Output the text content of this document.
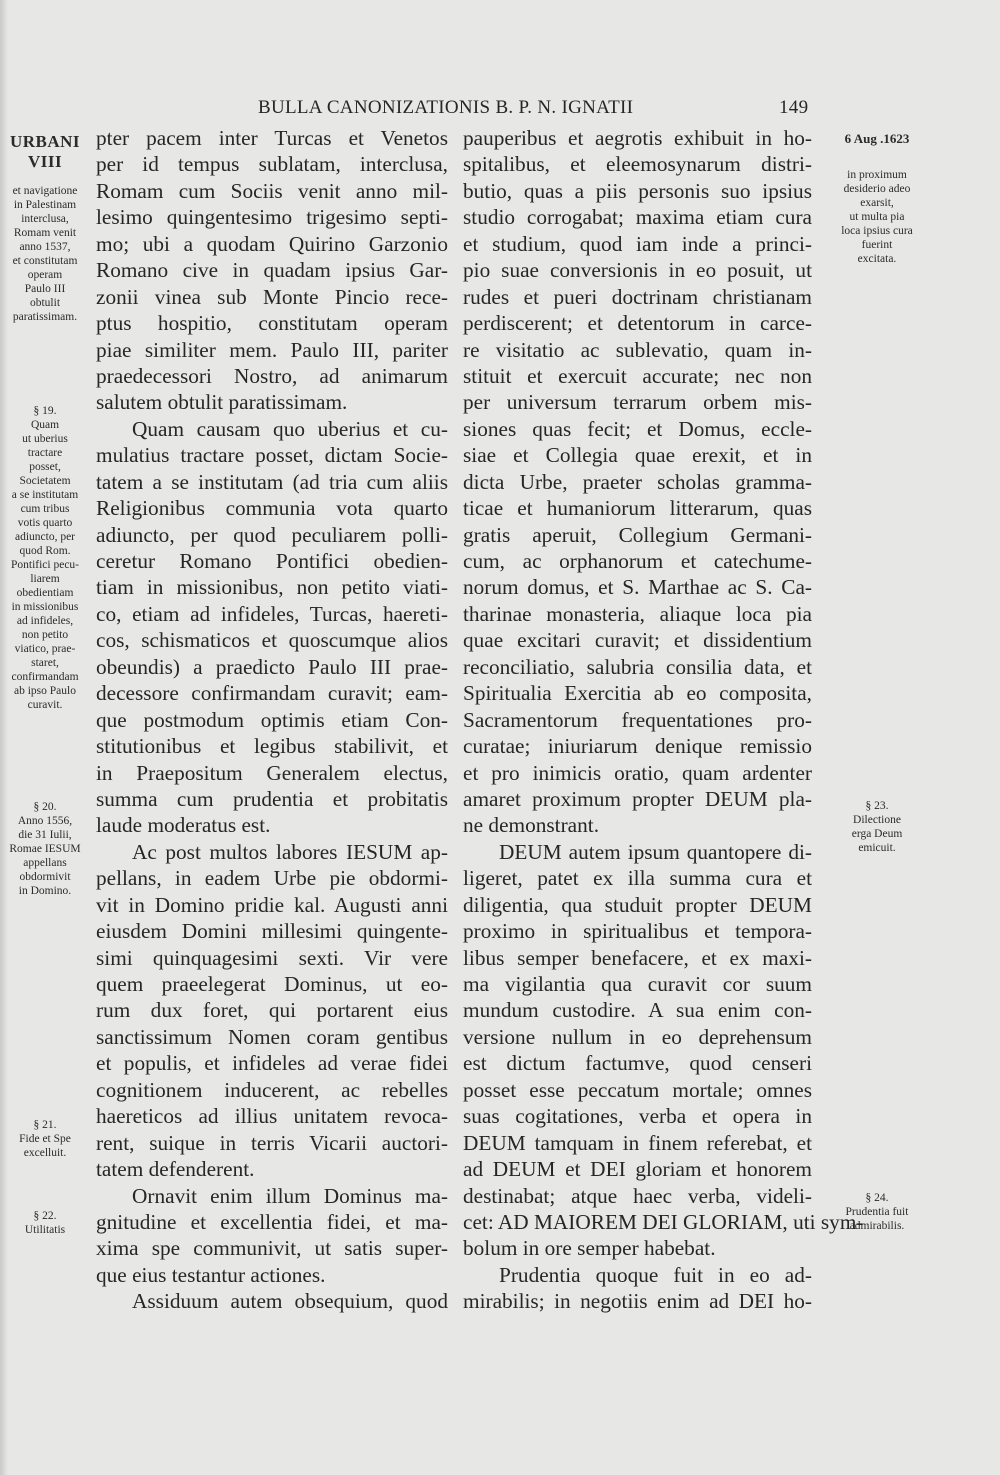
BULLA CANONIZATIONIS B. P. N. IGNATII	149
URBANI
VIII
et navigatione
in Palestinam
interclusa,
Romam venit
anno 1537,
et constitutam
operam
Paulo III
obtulit
paratissimam.
§ 19.
Quam
ut uberius
tractare
posset,
Societatem
a se institutam
cum tribus
votis quarto
adiuncto, per
quod Rom.
Pontifici pecu-
liarem
obedientiam
in missionibus
ad infideles,
non petito
viatico, prae-
staret,
confirmandam
ab ipso Paulo
curavit.
§ 20.
Anno 1556,
die 31 Iulii,
Romae IESUM
appellans
obdormivit
in Domino.
§ 21.
Fide et Spe
excelluit.
§ 22.
Utilitatis
6 Aug .1623
in proximum
desiderio adeo
exarsit,
ut multa pia
loca ipsius cura
fuerint
excitata.
§ 23.
Dilectione
erga Deum
emicuit.
§ 24.
Prudentia fuit
admirabilis.
pter pacem inter Turcas et Venetos
per id tempus sublatam, interclusa,
Romam cum Sociis venit anno mil-
lesimo quingentesimo trigesimo septi-
mo; ubi a quodam Quirino Garzonio
Romano cive in quadam ipsius Gar-
zonii vinea sub Monte Pincio rece-
ptus hospitio, constitutam operam
piae similiter mem. Paulo III, pariter
praedecessori Nostro, ad animarum
salutem obtulit paratissimam.
Quam causam quo uberius et cu-
mulatius tractare posset, dictam Socie-
tatem a se institutam (ad tria cum aliis
Religionibus communia vota quarto
adiuncto, per quod peculiarem polli-
ceretur Romano Pontifici obedien-
tiam in missionibus, non petito viati-
co, etiam ad infideles, Turcas, haereti-
cos, schismaticos et quoscumque alios
obeundis) a praedicto Paulo III prae-
decessore confirmandam curavit; eam-
que postmodum optimis etiam Con-
stitutionibus et legibus stabilivit, et
in Praepositum Generalem electus,
summa cum prudentia et probitatis
laude moderatus est.
Ac post multos labores IESUM ap-
pellans, in eadem Urbe pie obdormi-
vit in Domino pridie kal. Augusti anni
eiusdem Domini millesimi quingente-
simi quinquagesimi sexti. Vir vere
quem praeelegerat Dominus, ut eo-
rum dux foret, qui portarent eius
sanctissimum Nomen coram gentibus
et populis, et infideles ad verae fidei
cognitionem inducerent, ac rebelles
haereticos ad illius unitatem revoca-
rent, suique in terris Vicarii auctori-
tatem defenderent.
Ornavit enim illum Dominus ma-
gnitudine et excellentia fidei, et ma-
xima spe communivit, ut satis super-
que eius testantur actiones.
Assiduum autem obsequium, quod
pauperibus et aegrotis exhibuit in ho-
spitalibus, et eleemosynarum distri-
butio, quas a piis personis suo ipsius
studio corrogabat; maxima etiam cura
et studium, quod iam inde a princi-
pio suae conversionis in eo posuit, ut
rudes et pueri doctrinam christianam
perdiscerent; et detentorum in carce-
re visitatio ac sublevatio, quam in-
stituit et exercuit accurate; nec non
per universum terrarum orbem mis-
siones quas fecit; et Domus, eccle-
siae et Collegia quae erexit, et in
dicta Urbe, praeter scholas gramma-
ticae et humaniorum litterarum, quas
gratis aperuit, Collegium Germani-
cum, ac orphanorum et catechume-
norum domus, et S. Marthae ac S. Ca-
tharinae monasteria, aliaque loca pia
quae excitari curavit; et dissidentium
reconciliatio, salubria consilia data, et
Spiritualia Exercitia ab eo composita,
Sacramentorum frequentationes pro-
curatae; iniuriarum denique remissio
et pro inimicis oratio, quam ardenter
amaret proximum propter DEUM pla-
ne demonstrant.
DEUM autem ipsum quantopere di-
ligeret, patet ex illa summa cura et
diligentia, qua studuit propter DEUM
proximo in spiritualibus et tempora-
libus semper benefacere, et ex maxi-
ma vigilantia qua curavit cor suum
mundum custodire. A sua enim con-
versione nullum in eo deprehensum
est dictum factumve, quod censeri
posset esse peccatum mortale; omnes
suas cogitationes, verba et opera in
DEUM tamquam in finem referebat, et
ad DEUM et DEI gloriam et honorem
destinabat; atque haec verba, videli-
cet: AD MAIOREM DEI GLORIAM, uti sym-
bolum in ore semper habebat.
Prudentia quoque fuit in eo ad-
mirabilis; in negotiis enim ad DEI ho-
